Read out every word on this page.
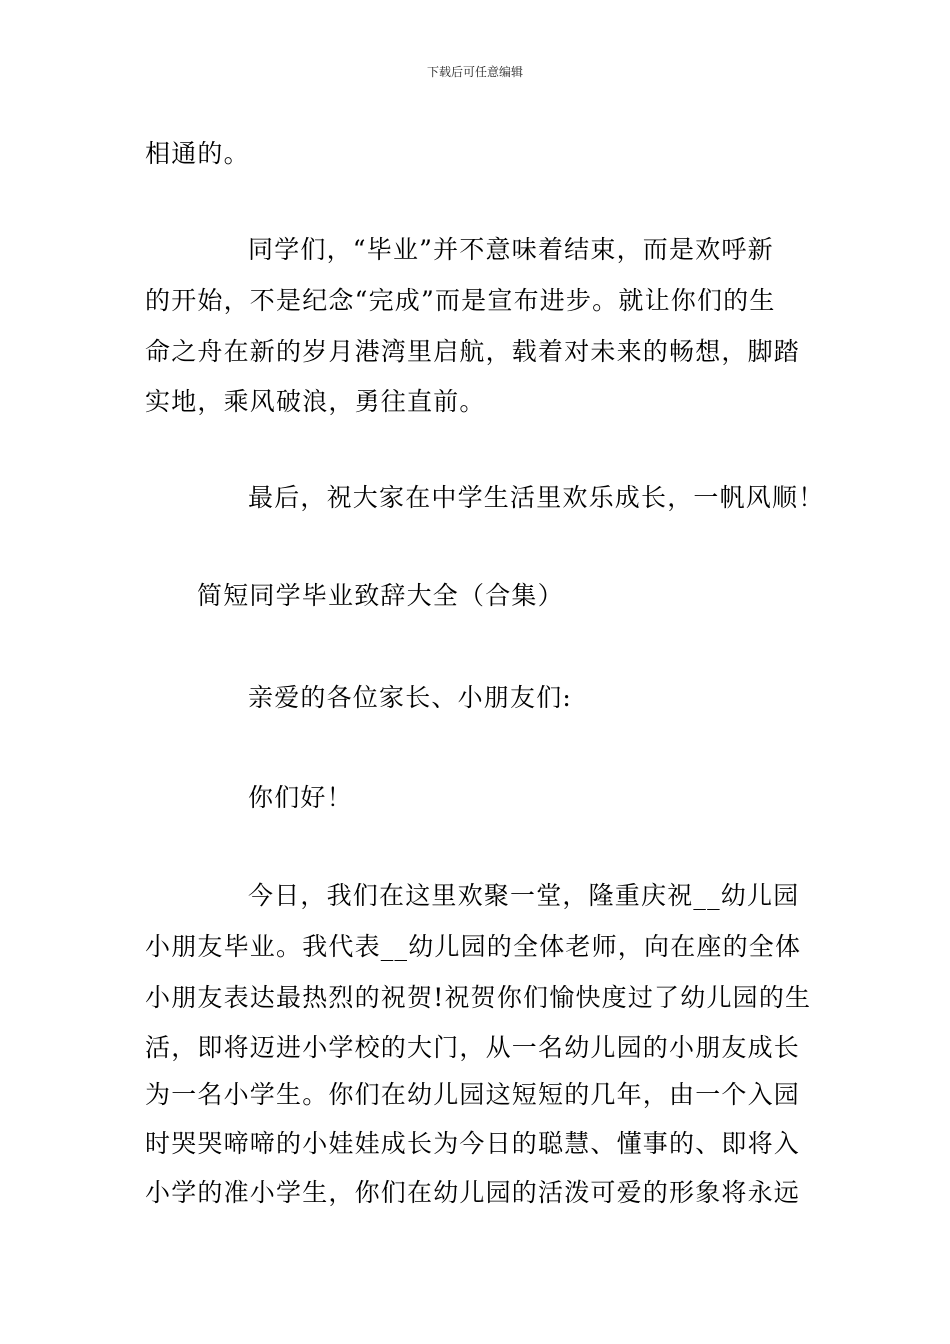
下载后可任意编辑
相通的。
同学们，“毕业”并不意味着结束，而是欢呼新
的开始，不是纪念“完成”而是宣布进步。就让你们的生
命之舟在新的岁月港湾里启航，载着对未来的畅想，脚踏
实地，乘风破浪，勇往直前。
最后，祝大家在中学生活里欢乐成长，一帆风顺！
简短同学毕业致辞大全（合集）
亲爱的各位家长、小朋友们:
你们好！
今日，我们在这里欢聚一堂，隆重庆祝__幼儿园
小朋友毕业。我代表__幼儿园的全体老师，向在座的全体
小朋友表达最热烈的祝贺!祝贺你们愉快度过了幼儿园的生
活，即将迈进小学校的大门，从一名幼儿园的小朋友成长
为一名小学生。你们在幼儿园这短短的几年，由一个入园
时哭哭啼啼的小娃娃成长为今日的聪慧、懂事的、即将入
小学的准小学生，你们在幼儿园的活泼可爱的形象将永远
